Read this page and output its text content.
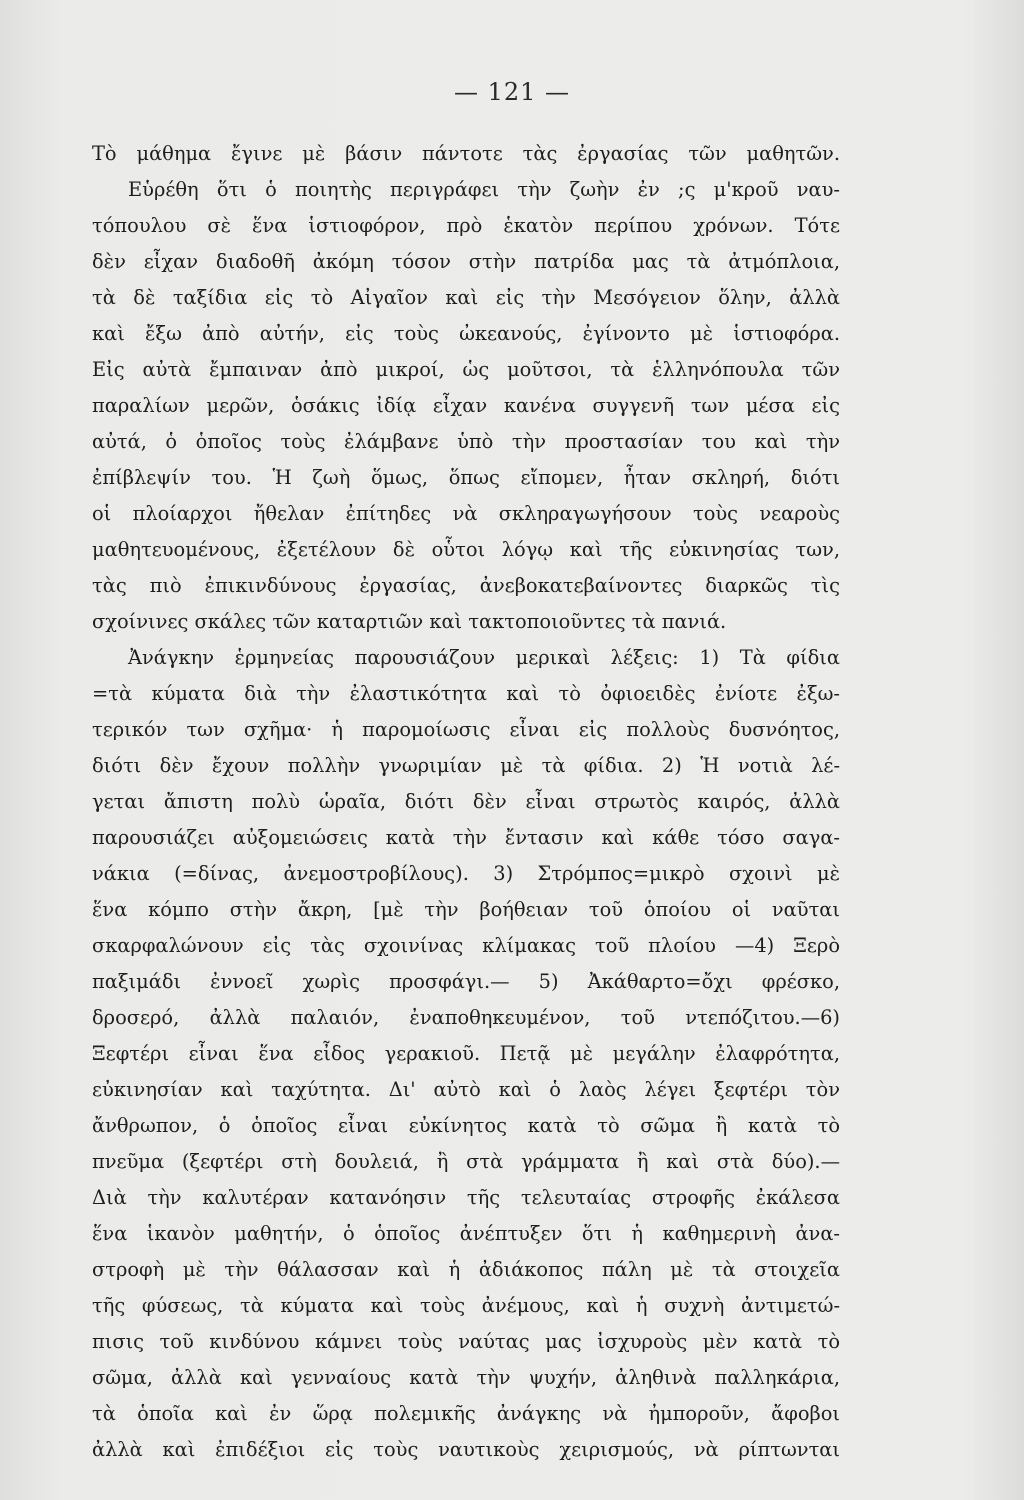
— 121 —
Τὸ μάθημα ἔγινε μὲ βάσιν πάντοτε τὰς ἐργασίας τῶν μαθητῶν.
Εὑρέθη ὅτι ὁ ποιητὴς περιγράφει τὴν ζωὴν ἐν ;ς μ'κροῦ ναυ-
τόπουλου σὲ ἕνα ἱστιοφόρον, πρὸ ἑκατὸν περίπου χρόνων. Τότε
δὲν εἶχαν διαδοθῆ ἀκόμη τόσον στὴν πατρίδα μας τὰ ἀτμόπλοια,
τὰ δὲ ταξίδια εἰς τὸ Αἰγαῖον καὶ εἰς τὴν Μεσόγειον ὅλην, ἀλλὰ
καὶ ἔξω ἀπὸ αὐτήν, εἰς τοὺς ὠκεανούς, ἐγίνοντο μὲ ἱστιοφόρα.
Εἰς αὐτὰ ἔμπαιναν ἀπὸ μικροί, ὡς μοῦτσοι, τὰ ἑλληνόπουλα τῶν
παραλίων μερῶν, ὁσάκις ἰδίᾳ εἶχαν κανένα συγγενῆ των μέσα εἰς
αὐτά, ὁ ὁποῖος τοὺς ἐλάμβανε ὑπὸ τὴν προστασίαν του καὶ τὴν
ἐπίβλεψίν του. Ἡ ζωὴ ὅμως, ὅπως εἴπομεν, ἦταν σκληρή, διότι
οἱ πλοίαρχοι ἤθελαν ἐπίτηδες νὰ σκληραγωγήσουν τοὺς νεαροὺς
μαθητευομένους, ἐξετέλουν δὲ οὗτοι λόγῳ καὶ τῆς εὐκινησίας των,
τὰς πιὸ ἐπικινδύνους ἐργασίας, ἀνεβοκατεβαίνοντες διαρκῶς τὶς
σχοίνινες σκάλες τῶν καταρτιῶν καὶ τακτοποιοῦντες τὰ πανιά.
Ἀνάγκην ἑρμηνείας παρουσιάζουν μερικαὶ λέξεις: 1) Τὰ φίδια
=τὰ κύματα διὰ τὴν ἐλαστικότητα καὶ τὸ ὀφιοειδὲς ἐνίοτε ἐξω-
τερικόν των σχῆμα· ἡ παρομοίωσις εἶναι εἰς πολλοὺς δυσνόητος,
διότι δὲν ἔχουν πολλὴν γνωριμίαν μὲ τὰ φίδια. 2) Ἡ νοτιὰ λέ-
γεται ἄπιστη πολὺ ὡραῖα, διότι δὲν εἶναι στρωτὸς καιρός, ἀλλὰ
παρουσιάζει αὐξομειώσεις κατὰ τὴν ἔντασιν καὶ κάθε τόσο σαγα-
νάκια (=δίνας, ἀνεμοστροβίλους). 3) Στρόμπος=μικρὸ σχοινὶ μὲ
ἕνα κόμπο στὴν ἄκρη, [μὲ τὴν βοήθειαν τοῦ ὁποίου οἱ ναῦται
σκαρφαλώνουν εἰς τὰς σχοινίνας κλίμακας τοῦ πλοίου —4) Ξερὸ
παξιμάδι ἐννοεῖ χωρὶς προσφάγι.— 5) Ἀκάθαρτο=ὄχι φρέσκο,
δροσερό, ἀλλὰ παλαιόν, ἐναποθηκευμένον, τοῦ ντεπόζιτου.—6)
Ξεφτέρι εἶναι ἕνα εἶδος γερακιοῦ. Πετᾷ μὲ μεγάλην ἐλαφρότητα,
εὐκινησίαν καὶ ταχύτητα. Δι' αὐτὸ καὶ ὁ λαὸς λέγει ξεφτέρι τὸν
ἄνθρωπον, ὁ ὁποῖος εἶναι εὐκίνητος κατὰ τὸ σῶμα ἢ κατὰ τὸ
πνεῦμα (ξεφτέρι στὴ δουλειά, ἢ στὰ γράμματα ἢ καὶ στὰ δύο).—
Διὰ τὴν καλυτέραν κατανόησιν τῆς τελευταίας στροφῆς ἐκάλεσα
ἕνα ἱκανὸν μαθητήν, ὁ ὁποῖος ἀνέπτυξεν ὅτι ἡ καθημερινὴ ἀνα-
στροφὴ μὲ τὴν θάλασσαν καὶ ἡ ἀδιάκοπος πάλη μὲ τὰ στοιχεῖα
τῆς φύσεως, τὰ κύματα καὶ τοὺς ἀνέμους, καὶ ἡ συχνὴ ἀντιμετώ-
πισις τοῦ κινδύνου κάμνει τοὺς ναύτας μας ἰσχυροὺς μὲν κατὰ τὸ
σῶμα, ἀλλὰ καὶ γενναίους κατὰ τὴν ψυχήν, ἀληθινὰ παλληκάρια,
τὰ ὁποῖα καὶ ἐν ὥρᾳ πολεμικῆς ἀνάγκης νὰ ἠμποροῦν, ἄφοβοι
ἀλλὰ καὶ ἐπιδέξιοι εἰς τοὺς ναυτικοὺς χειρισμούς, νὰ ρίπτωνται
